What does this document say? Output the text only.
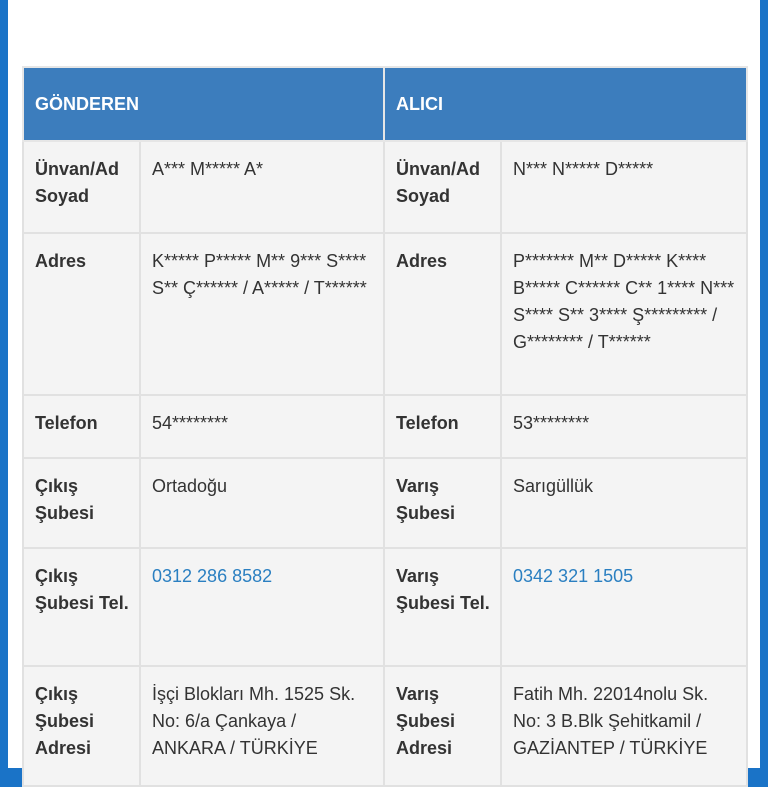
GÖNDEREN		ALICI	
Ünvan/Ad Soyad	A*** M***** A*	Ünvan/Ad Soyad	N*** N***** D*****
Adres	K***** P***** M** 9*** S**** S** Ç****** / A***** / T******	Adres	P******* M** D***** K**** B***** C****** C** 1**** N*** S**** S** 3**** Ş********* / G******** / T******
Telefon	54********	Telefon	53********
Çıkış Şubesi	Ortadoğu	Varış Şubesi	Sarıgüllük
Çıkış Şubesi Tel.	0312 286 8582	Varış Şubesi Tel.	0342 321 1505
Çıkış Şubesi Adresi	İşçi Blokları Mh. 1525 Sk. No: 6/a Çankaya / ANKARA / TÜRKİYE	Varış Şubesi Adresi	Fatih Mh. 22014nolu Sk. No: 3 B.Blk Şehitkamil / GAZİANTEP / TÜRKİYE
